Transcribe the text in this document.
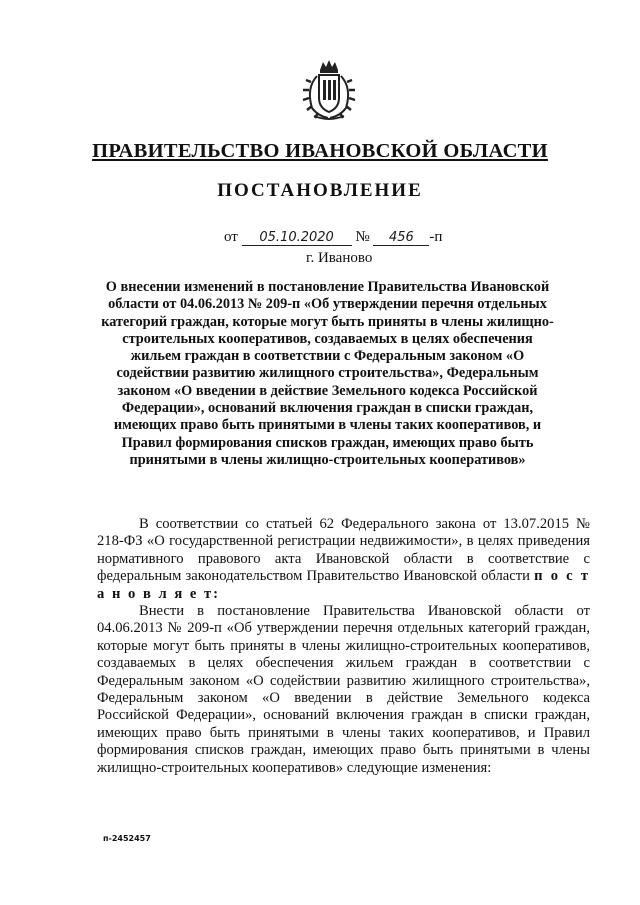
ПРАВИТЕЛЬСТВО ИВАНОВСКОЙ ОБЛАСТИ
ПОСТАНОВЛЕНИЕ
от 05.10.2020 № 456 -п
г. Иваново
О внесении изменений в постановление Правительства Ивановской области от 04.06.2013 № 209-п «Об утверждении перечня отдельных категорий граждан, которые могут быть приняты в члены жилищно-строительных кооперативов, создаваемых в целях обеспечения жильем граждан в соответствии с Федеральным законом «О содействии развитию жилищного строительства», Федеральным законом «О введении в действие Земельного кодекса Российской Федерации», оснований включения граждан в списки граждан, имеющих право быть принятыми в члены таких кооперативов, и Правил формирования списков граждан, имеющих право быть принятыми в члены жилищно-строительных кооперативов»

В соответствии со статьей 62 Федерального закона от 13.07.2015 № 218-ФЗ «О государственной регистрации недвижимости», в целях приведения нормативного правового акта Ивановской области в соответствие с федеральным законодательством Правительство Ивановской области п о с т а н о в л я е т:

Внести в постановление Правительства Ивановской области от 04.06.2013 № 209-п «Об утверждении перечня отдельных категорий граждан, которые могут быть приняты в члены жилищно-строительных кооперативов, создаваемых в целях обеспечения жильем граждан в соответствии с Федеральным законом «О содействии развитию жилищного строительства», Федеральным законом «О введении в действие Земельного кодекса Российской Федерации», оснований включения граждан в списки граждан, имеющих право быть принятыми в члены таких кооперативов, и Правил формирования списков граждан, имеющих право быть принятыми в члены жилищно-строительных кооперативов» следующие изменения:

п-2452457
